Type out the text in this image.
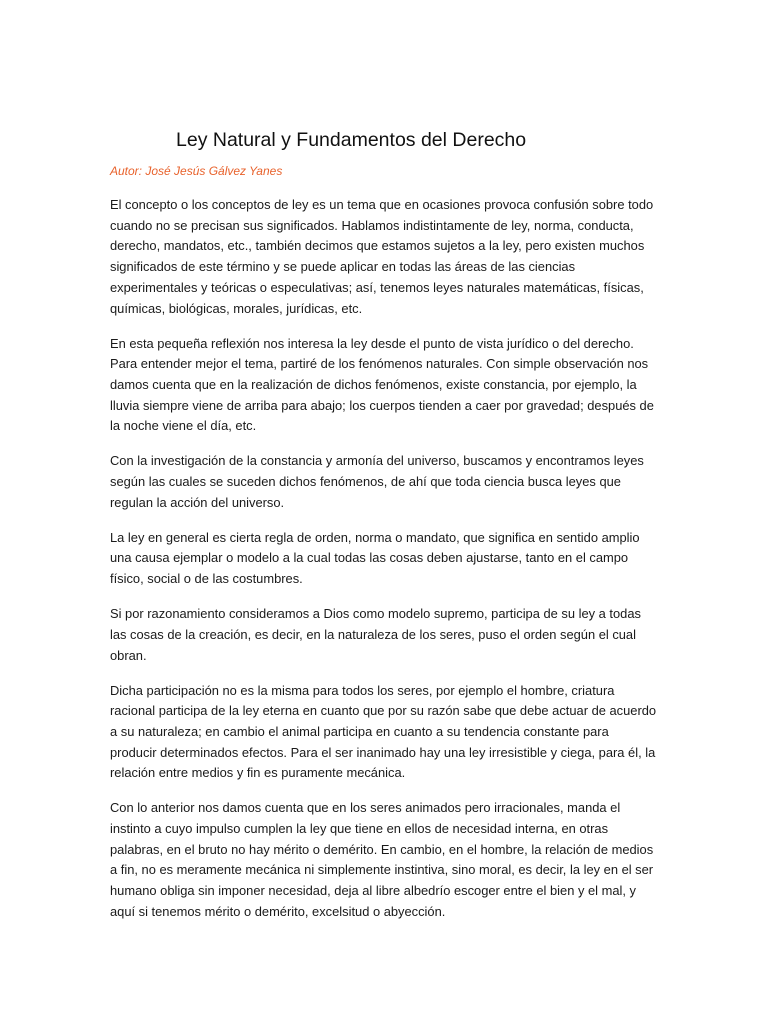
Ley Natural y Fundamentos del Derecho

Autor: José Jesús Gálvez Yanes

El concepto o los conceptos de ley es un tema que en ocasiones provoca confusión sobre todo cuando no se precisan sus significados. Hablamos indistintamente de ley, norma, conducta, derecho, mandatos, etc., también decimos que estamos sujetos a la ley, pero existen muchos significados de este término y se puede aplicar en todas las áreas de las ciencias experimentales y teóricas o especulativas; así, tenemos leyes naturales matemáticas, físicas, químicas, biológicas, morales, jurídicas, etc.

En esta pequeña reflexión nos interesa la ley desde el punto de vista jurídico o del derecho. Para entender mejor el tema, partiré de los fenómenos naturales. Con simple observación nos damos cuenta que en la realización de dichos fenómenos, existe constancia, por ejemplo, la lluvia siempre viene de arriba para abajo; los cuerpos tienden a caer por gravedad; después de la noche viene el día, etc.

Con la investigación de la constancia y armonía del universo, buscamos y encontramos leyes según las cuales se suceden dichos fenómenos, de ahí que toda ciencia busca leyes que regulan la acción del universo.

La ley en general es cierta regla de orden, norma o mandato, que significa en sentido amplio una causa ejemplar o modelo a la cual todas las cosas deben ajustarse, tanto en el campo físico, social o de las costumbres.

Si por razonamiento consideramos a Dios como modelo supremo, participa de su ley a todas las cosas de la creación, es decir, en la naturaleza de los seres, puso el orden según el cual obran.

Dicha participación no es la misma para todos los seres, por ejemplo el hombre, criatura racional participa de la ley eterna en cuanto que por su razón sabe que debe actuar de acuerdo a su naturaleza; en cambio el animal participa en cuanto a su tendencia constante para producir determinados efectos. Para el ser inanimado hay una ley irresistible y ciega, para él, la relación entre medios y fin es puramente mecánica.

Con lo anterior nos damos cuenta que en los seres animados pero irracionales, manda el instinto a cuyo impulso cumplen la ley que tiene en ellos de necesidad interna, en otras palabras, en el bruto no hay mérito o demérito. En cambio, en el hombre, la relación de medios a fin, no es meramente mecánica ni simplemente instintiva, sino moral, es decir, la ley en el ser humano obliga sin imponer necesidad, deja al libre albedrío escoger entre el bien y el mal, y aquí si tenemos mérito o demérito, excelsitud o abyección.
